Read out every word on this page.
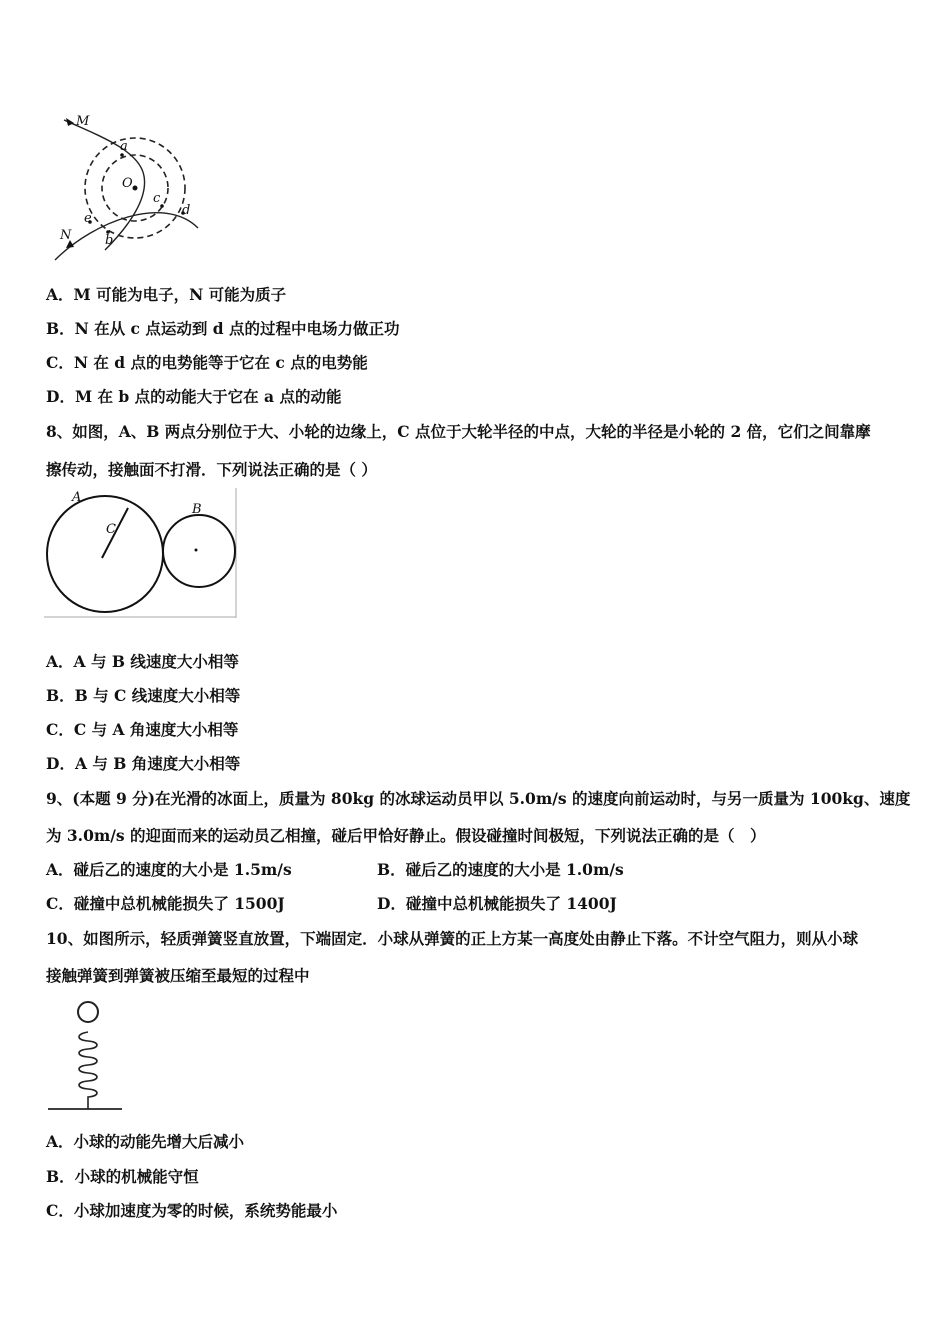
M
a
O
c
d
N
e
b
A．M 可能为电子，N 可能为质子
B．N 在从 c 点运动到 d 点的过程中电场力做正功
C．N 在 d 点的电势能等于它在 c 点的电势能
D．M 在 b 点的动能大于它在 a 点的动能
8、如图，A、B 两点分别位于大、小轮的边缘上，C 点位于大轮半径的中点，大轮的半径是小轮的 2 倍，它们之间靠摩
擦传动，接触面不打滑．下列说法正确的是（ ）
A
B
C
A．A 与 B 线速度大小相等
B．B 与 C 线速度大小相等
C．C 与 A 角速度大小相等
D．A 与 B 角速度大小相等
9、(本题 9 分)在光滑的冰面上，质量为 80kg 的冰球运动员甲以 5.0m/s 的速度向前运动时，与另一质量为 100kg、速度
为 3.0m/s 的迎面而来的运动员乙相撞，碰后甲恰好静止。假设碰撞时间极短，下列说法正确的是（　）
A．碰后乙的速度的大小是 1.5m/s	B．碰后乙的速度的大小是 1.0m/s
C．碰撞中总机械能损失了 1500J	D．碰撞中总机械能损失了 1400J
10、如图所示，轻质弹簧竖直放置，下端固定．小球从弹簧的正上方某一高度处由静止下落。不计空气阻力，则从小球
接触弹簧到弹簧被压缩至最短的过程中
A．小球的动能先增大后减小
B．小球的机械能守恒
C．小球加速度为零的时候，系统势能最小
